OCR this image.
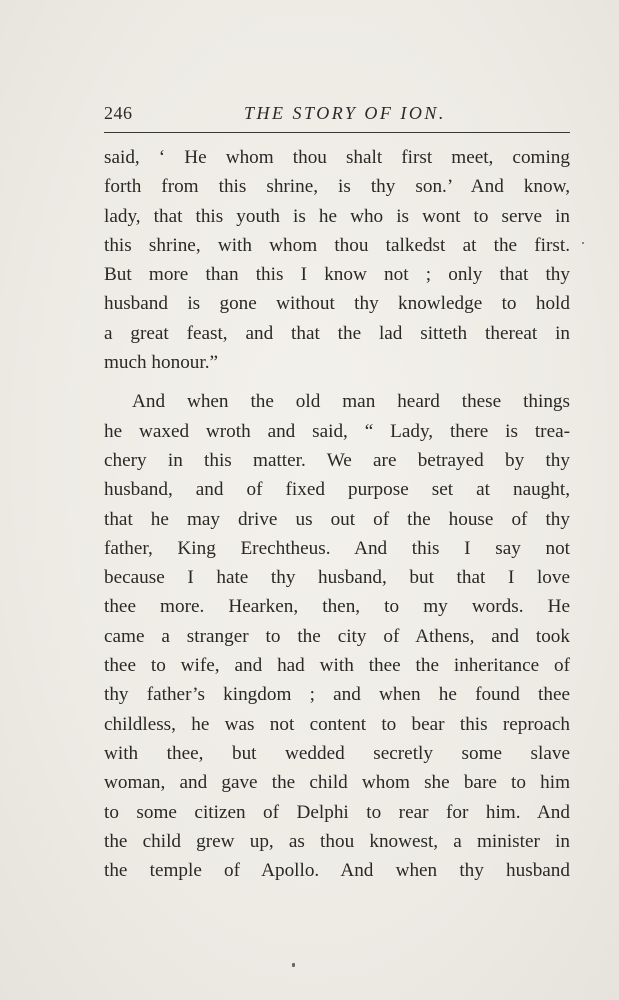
246	THE STORY OF ION.
said, ‘ He whom thou shalt first meet, coming
forth from this shrine, is thy son.’ And know,
lady, that this youth is he who is wont to serve in
this shrine, with whom thou talkedst at the first.
But more than this I know not ; only that thy
husband is gone without thy knowledge to hold
a great feast, and that the lad sitteth thereat in
much honour.”
And when the old man heard these things
he waxed wroth and said, “ Lady, there is trea-
chery in this matter. We are betrayed by thy
husband, and of fixed purpose set at naught,
that he may drive us out of the house of thy
father, King Erechtheus. And this I say not
because I hate thy husband, but that I love
thee more. Hearken, then, to my words. He
came a stranger to the city of Athens, and took
thee to wife, and had with thee the inheritance of
thy father’s kingdom ; and when he found thee
childless, he was not content to bear this reproach
with thee, but wedded secretly some slave
woman, and gave the child whom she bare to him
to some citizen of Delphi to rear for him. And
the child grew up, as thou knowest, a minister in
the temple of Apollo. And when thy husband
